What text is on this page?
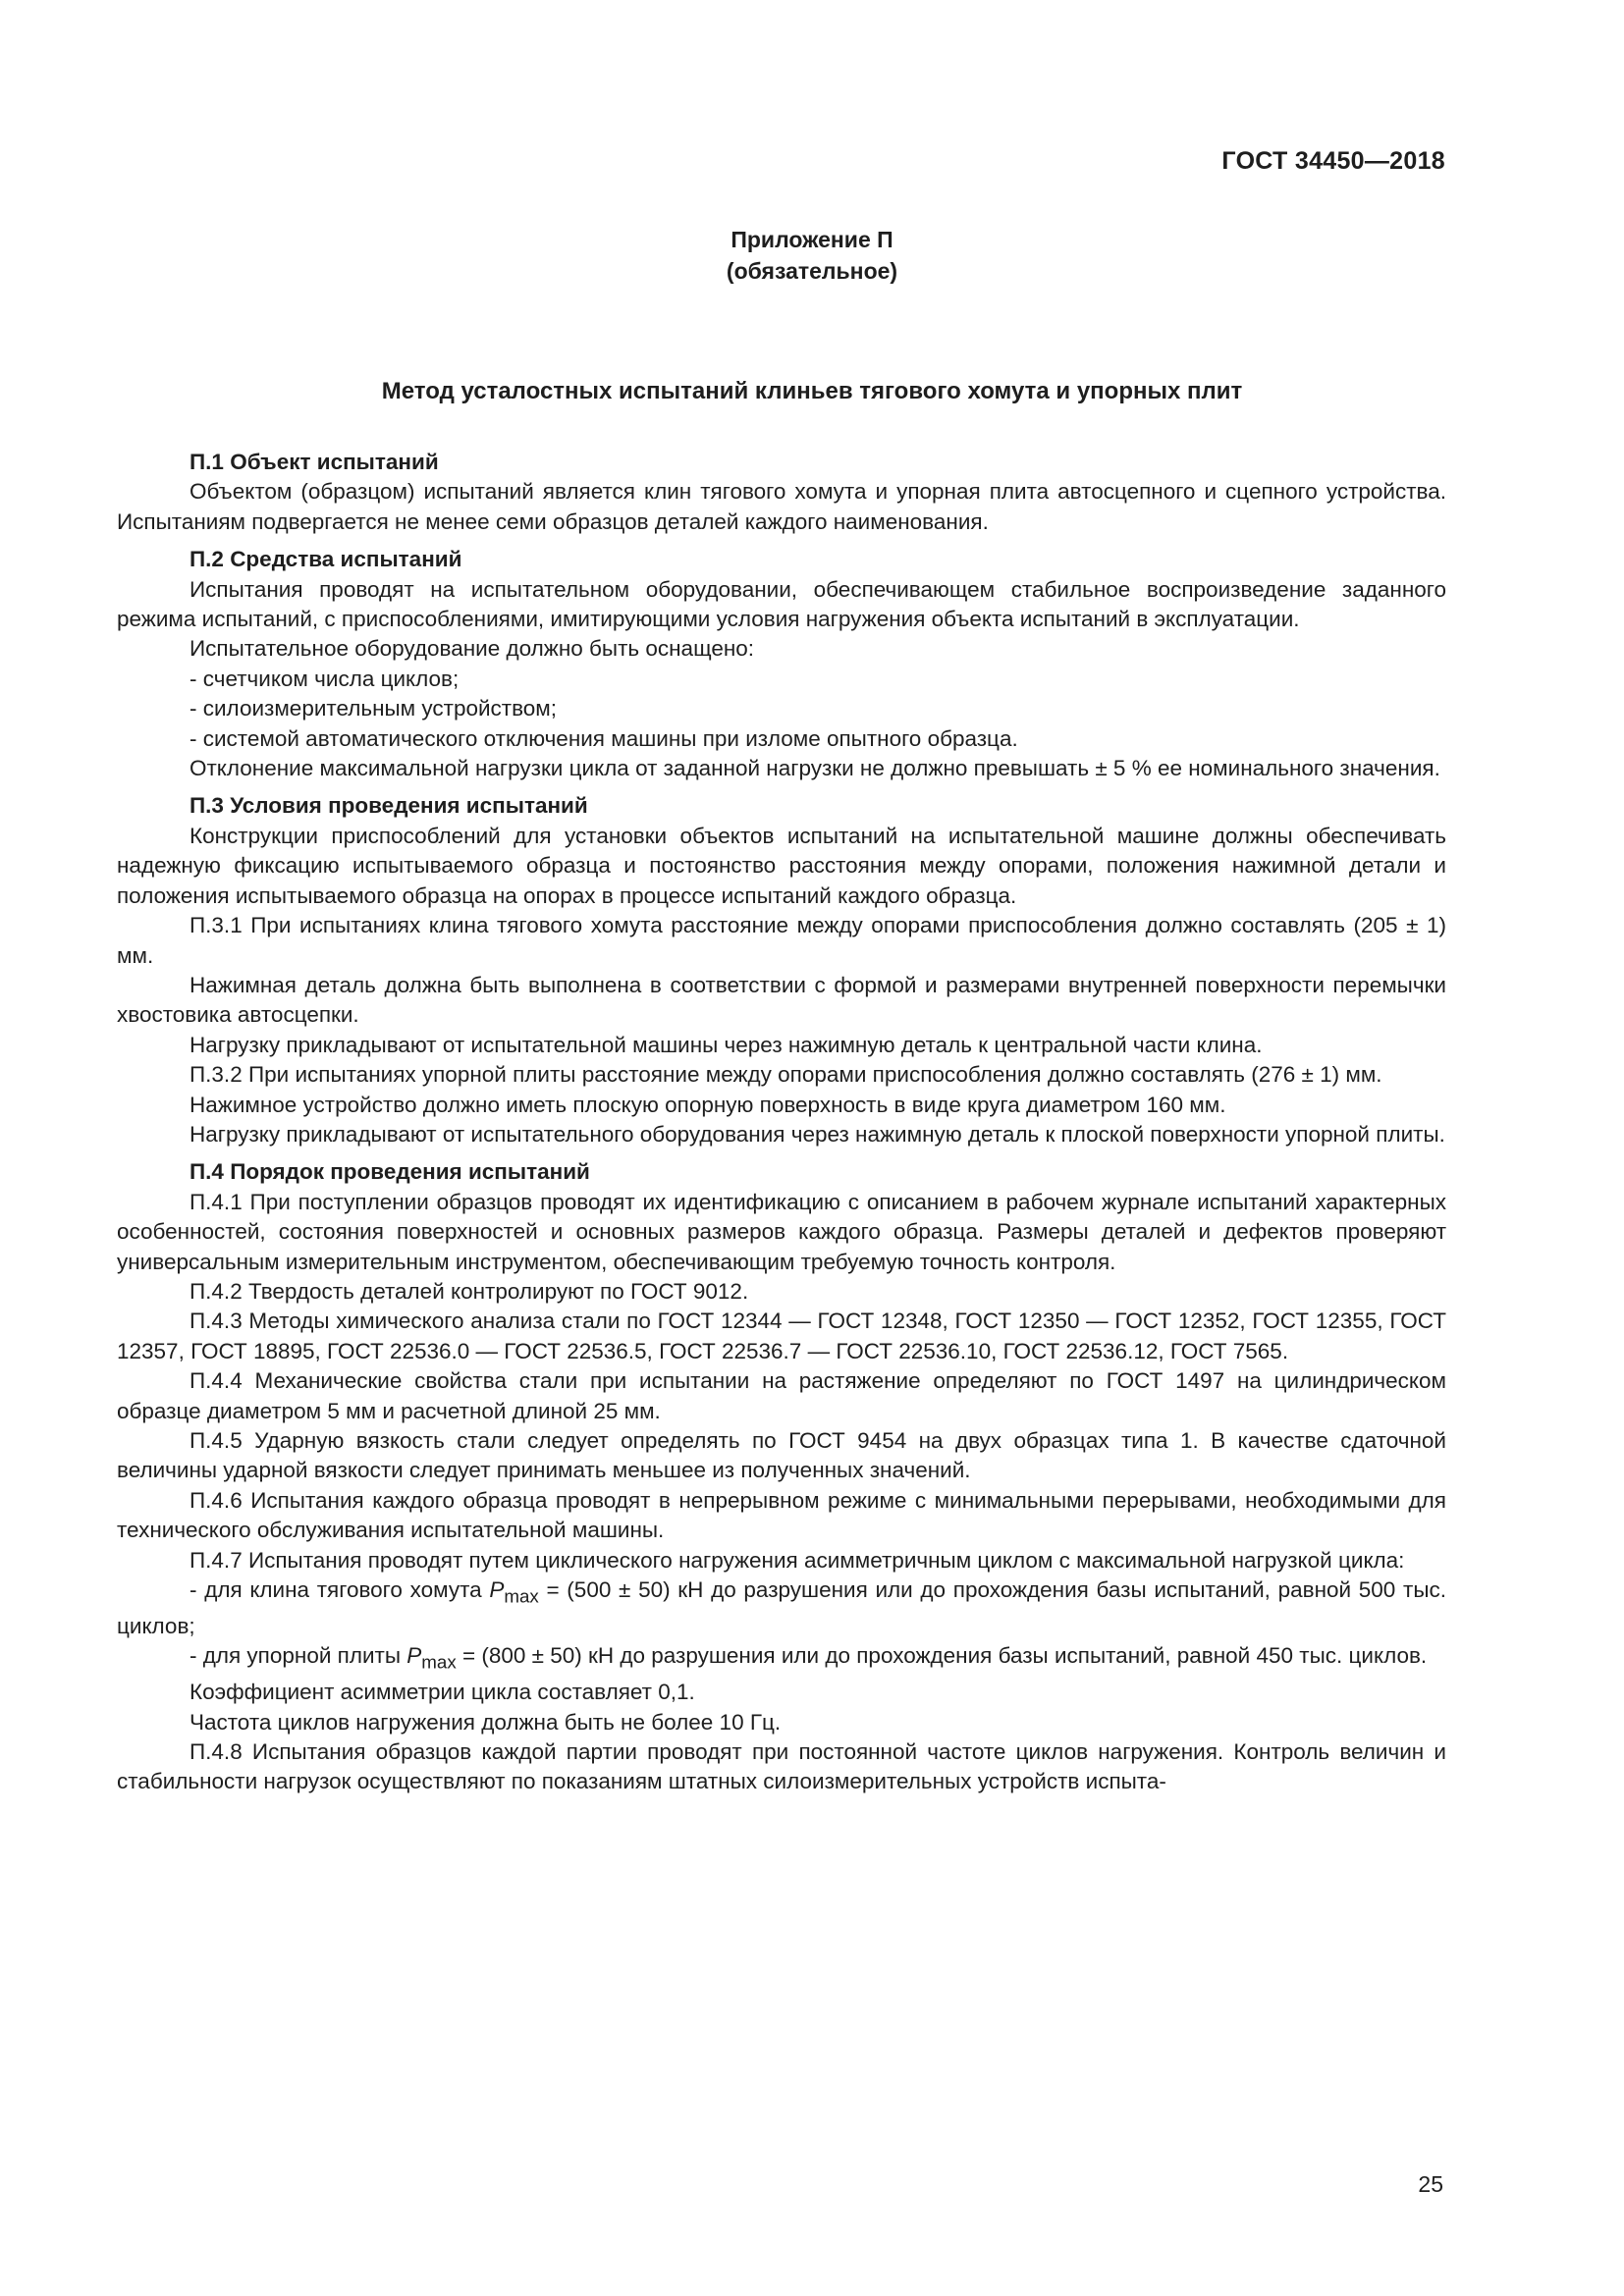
ГОСТ 34450—2018
Приложение П
(обязательное)
Метод усталостных испытаний клиньев тягового хомута и упорных плит
П.1 Объект испытаний

Объектом (образцом) испытаний является клин тягового хомута и упорная плита автосцепного и сцепного устройства. Испытаниям подвергается не менее семи образцов деталей каждого наименования.

П.2 Средства испытаний

Испытания проводят на испытательном оборудовании, обеспечивающем стабильное воспроизведение заданного режима испытаний, с приспособлениями, имитирующими условия нагружения объекта испытаний в эксплуатации.

Испытательное оборудование должно быть оснащено:

- счетчиком числа циклов;

- силоизмерительным устройством;

- системой автоматического отключения машины при изломе опытного образца.

Отклонение максимальной нагрузки цикла от заданной нагрузки не должно превышать ± 5 % ее номинального значения.

П.3 Условия проведения испытаний

Конструкции приспособлений для установки объектов испытаний на испытательной машине должны обеспечивать надежную фиксацию испытываемого образца и постоянство расстояния между опорами, положения нажимной детали и положения испытываемого образца на опорах в процессе испытаний каждого образца.

П.3.1 При испытаниях клина тягового хомута расстояние между опорами приспособления должно составлять (205 ± 1) мм.

Нажимная деталь должна быть выполнена в соответствии с формой и размерами внутренней поверхности перемычки хвостовика автосцепки.

Нагрузку прикладывают от испытательной машины через нажимную деталь к центральной части клина.

П.3.2 При испытаниях упорной плиты расстояние между опорами приспособления должно составлять (276 ± 1) мм.

Нажимное устройство должно иметь плоскую опорную поверхность в виде круга диаметром 160 мм.

Нагрузку прикладывают от испытательного оборудования через нажимную деталь к плоской поверхности упорной плиты.

П.4 Порядок проведения испытаний

П.4.1 При поступлении образцов проводят их идентификацию с описанием в рабочем журнале испытаний характерных особенностей, состояния поверхностей и основных размеров каждого образца. Размеры деталей и дефектов проверяют универсальным измерительным инструментом, обеспечивающим требуемую точность контроля.

П.4.2 Твердость деталей контролируют по ГОСТ 9012.

П.4.3 Методы химического анализа стали по ГОСТ 12344 — ГОСТ 12348, ГОСТ 12350 — ГОСТ 12352, ГОСТ 12355, ГОСТ 12357, ГОСТ 18895, ГОСТ 22536.0 — ГОСТ 22536.5, ГОСТ 22536.7 — ГОСТ 22536.10, ГОСТ 22536.12, ГОСТ 7565.

П.4.4 Механические свойства стали при испытании на растяжение определяют по ГОСТ 1497 на цилиндрическом образце диаметром 5 мм и расчетной длиной 25 мм.

П.4.5 Ударную вязкость стали следует определять по ГОСТ 9454 на двух образцах типа 1. В качестве сдаточной величины ударной вязкости следует принимать меньшее из полученных значений.

П.4.6 Испытания каждого образца проводят в непрерывном режиме с минимальными перерывами, необходимыми для технического обслуживания испытательной машины.

П.4.7 Испытания проводят путем циклического нагружения асимметричным циклом с максимальной нагрузкой цикла:

- для клина тягового хомута $P_{max} = (500 \pm 50)$ кН до разрушения или до прохождения базы испытаний, равной 500 тыс. циклов;

- для упорной плиты $P_{max} = (800 \pm 50)$ кН до разрушения или до прохождения базы испытаний, равной 450 тыс. циклов.

Коэффициент асимметрии цикла составляет 0,1.

Частота циклов нагружения должна быть не более 10 Гц.

П.4.8 Испытания образцов каждой партии проводят при постоянной частоте циклов нагружения. Контроль величин и стабильности нагрузок осуществляют по показаниям штатных силоизмерительных устройств испыта-

25
